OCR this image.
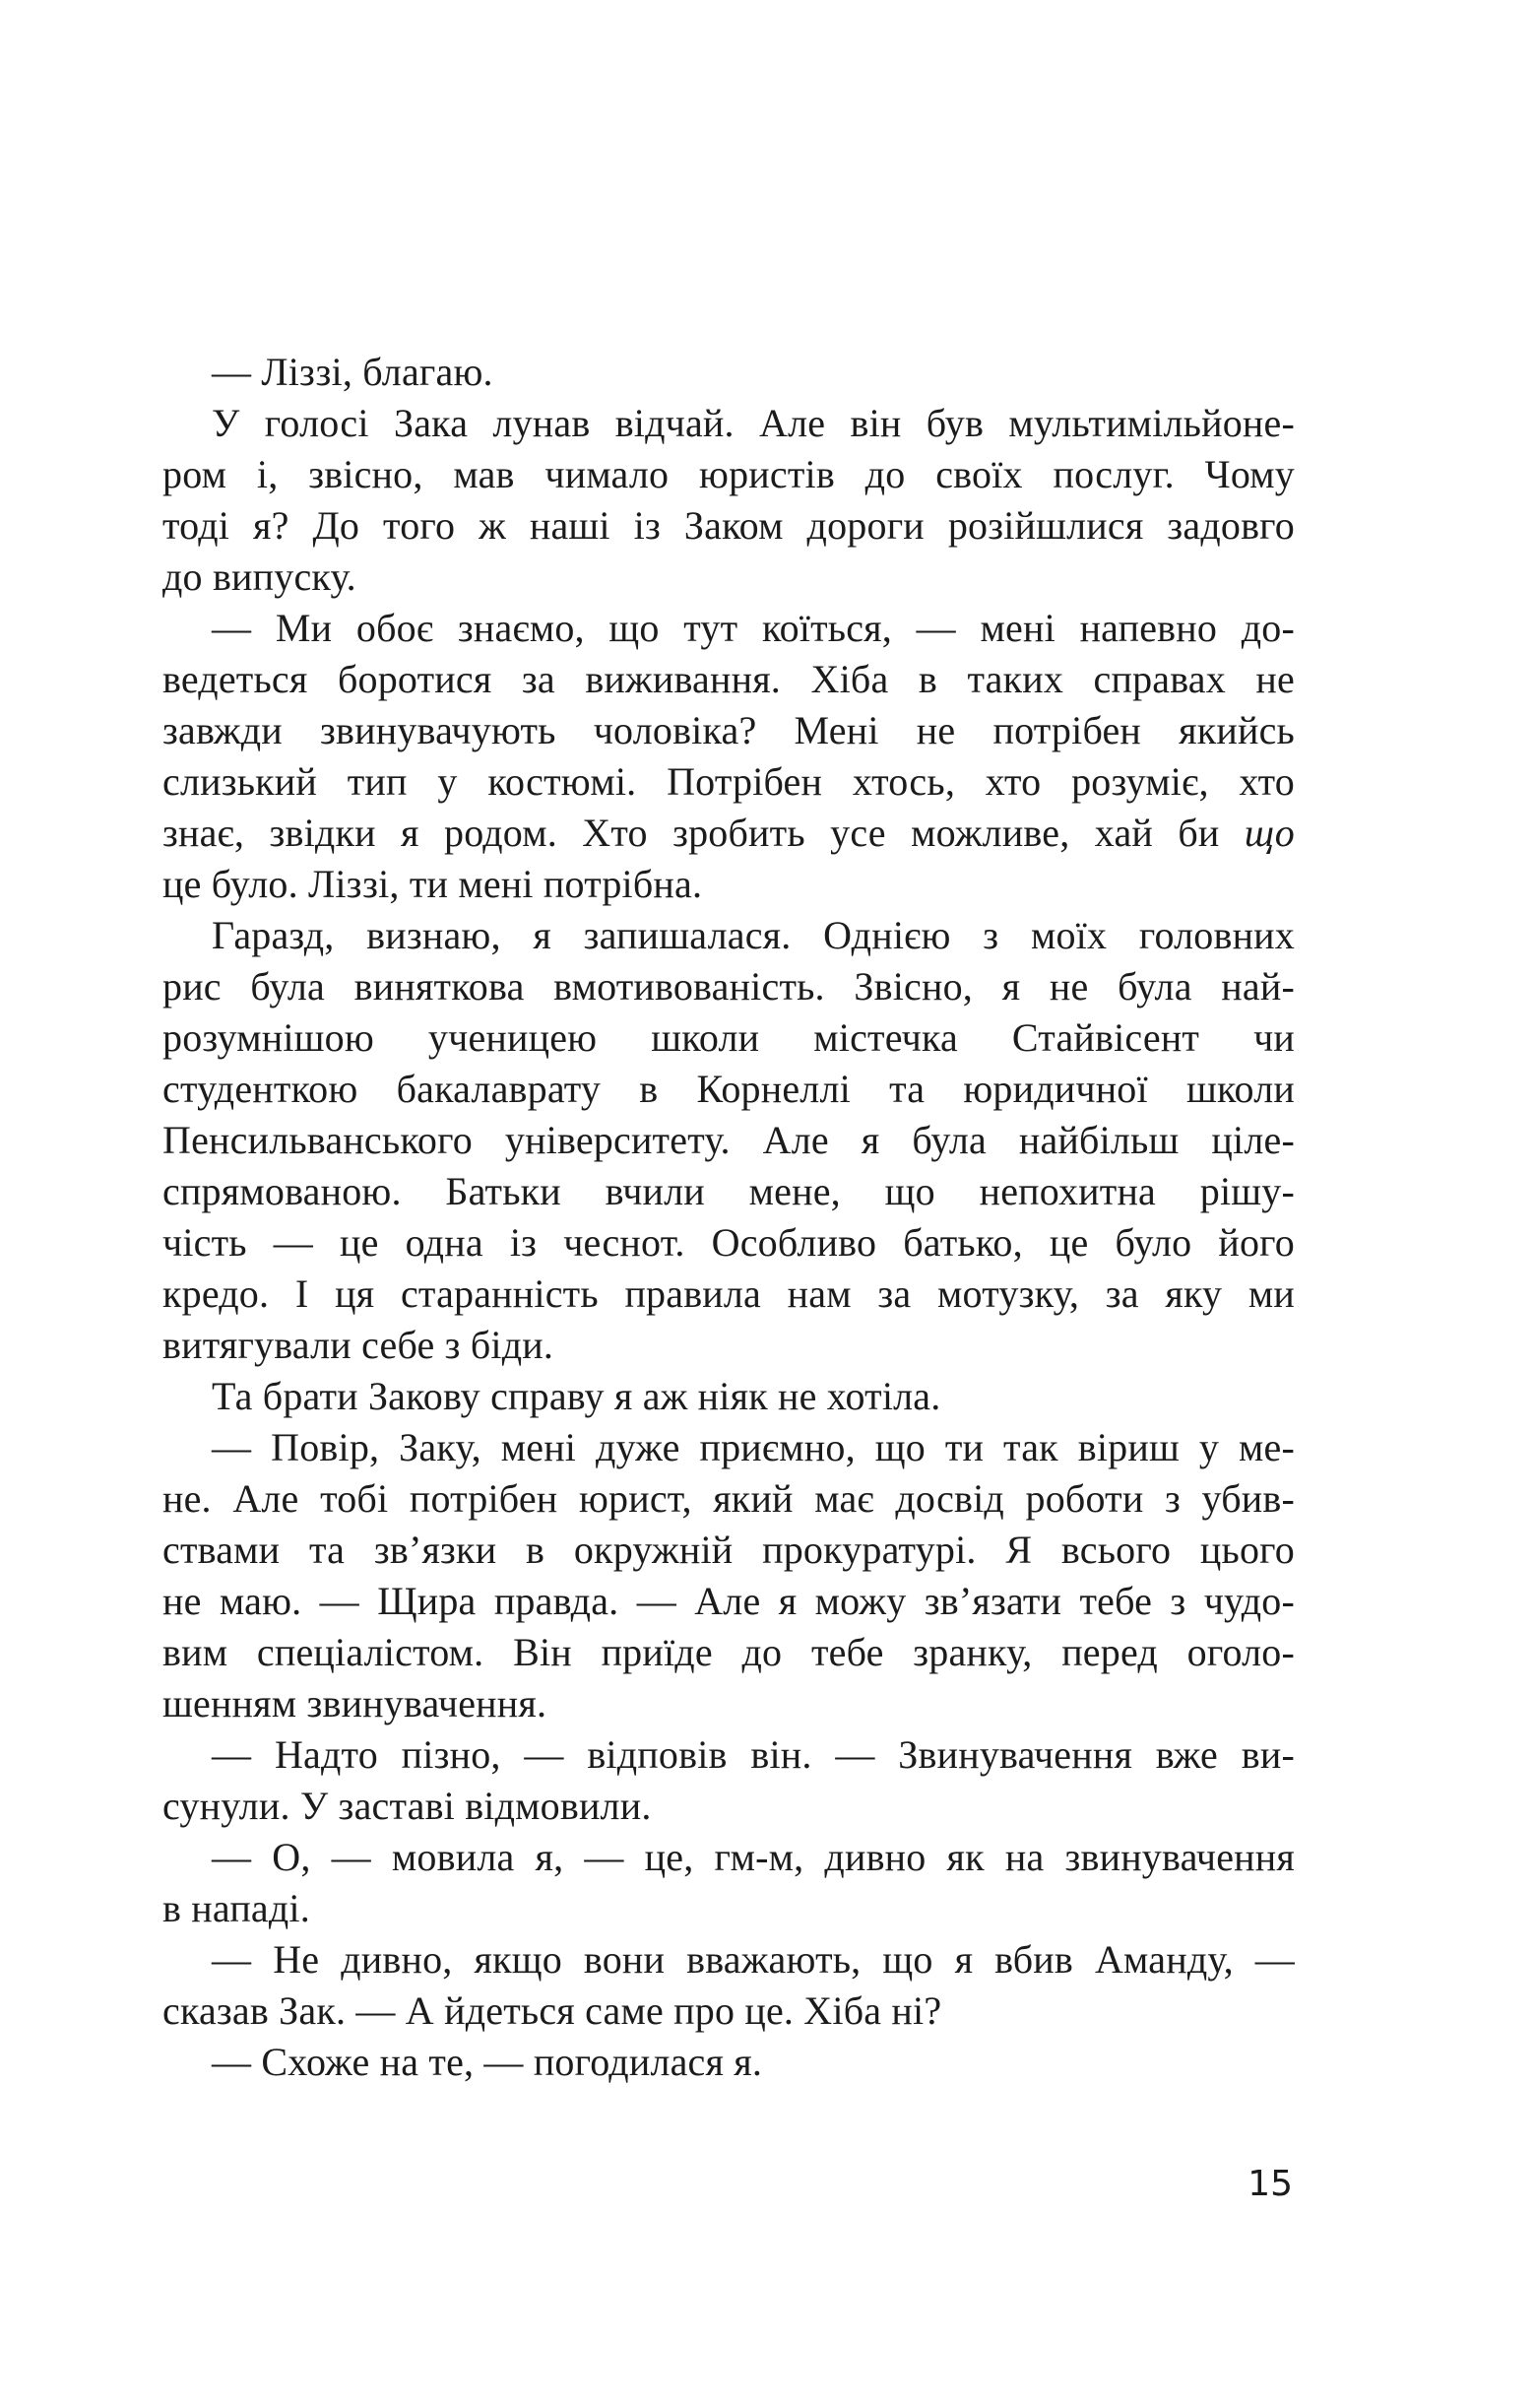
— Ліззі, благаю.
У голосі Зака лунав відчай. Але він був мультимільйоне-
ром і, звісно, мав чимало юристів до своїх послуг. Чому
тоді я? До того ж наші із Заком дороги розійшлися задовго
до випуску.
— Ми обоє знаємо, що тут коїться, — мені напевно до-
ведеться боротися за виживання. Хіба в таких справах не
завжди звинувачують чоловіка? Мені не потрібен якийсь
слизький тип у костюмі. Потрібен хтось, хто розуміє, хто
знає, звідки я родом. Хто зробить усе можливе, хай би що
це було. Ліззі, ти мені потрібна.
Гаразд, визнаю, я запишалася. Однією з моїх головних
рис була виняткова вмотивованість. Звісно, я не була най-
розумнішою ученицею школи містечка Стайвісент чи
студенткою бакалаврату в Корнеллі та юридичної школи
Пенсильванського університету. Але я була найбільш ціле-
спрямованою. Батьки вчили мене, що непохитна рішу-
чість — це одна із чеснот. Особливо батько, це було його
кредо. І ця старанність правила нам за мотузку, за яку ми
витягували себе з біди.
Та брати Закову справу я аж ніяк не хотіла.
— Повір, Заку, мені дуже приємно, що ти так віриш у ме-
не. Але тобі потрібен юрист, який має досвід роботи з убив-
ствами та зв’язки в окружній прокуратурі. Я всього цього
не маю. — Щира правда. — Але я можу зв’язати тебе з чудо-
вим спеціалістом. Він приїде до тебе зранку, перед оголо-
шенням звинувачення.
— Надто пізно, — відповів він. — Звинувачення вже ви-
сунули. У заставі відмовили.
— О, — мовила я, — це, гм-м, дивно як на звинувачення
в нападі.
— Не дивно, якщо вони вважають, що я вбив Аманду, —
сказав Зак. — А йдеться саме про це. Хіба ні?
— Схоже на те, — погодилася я.
15
